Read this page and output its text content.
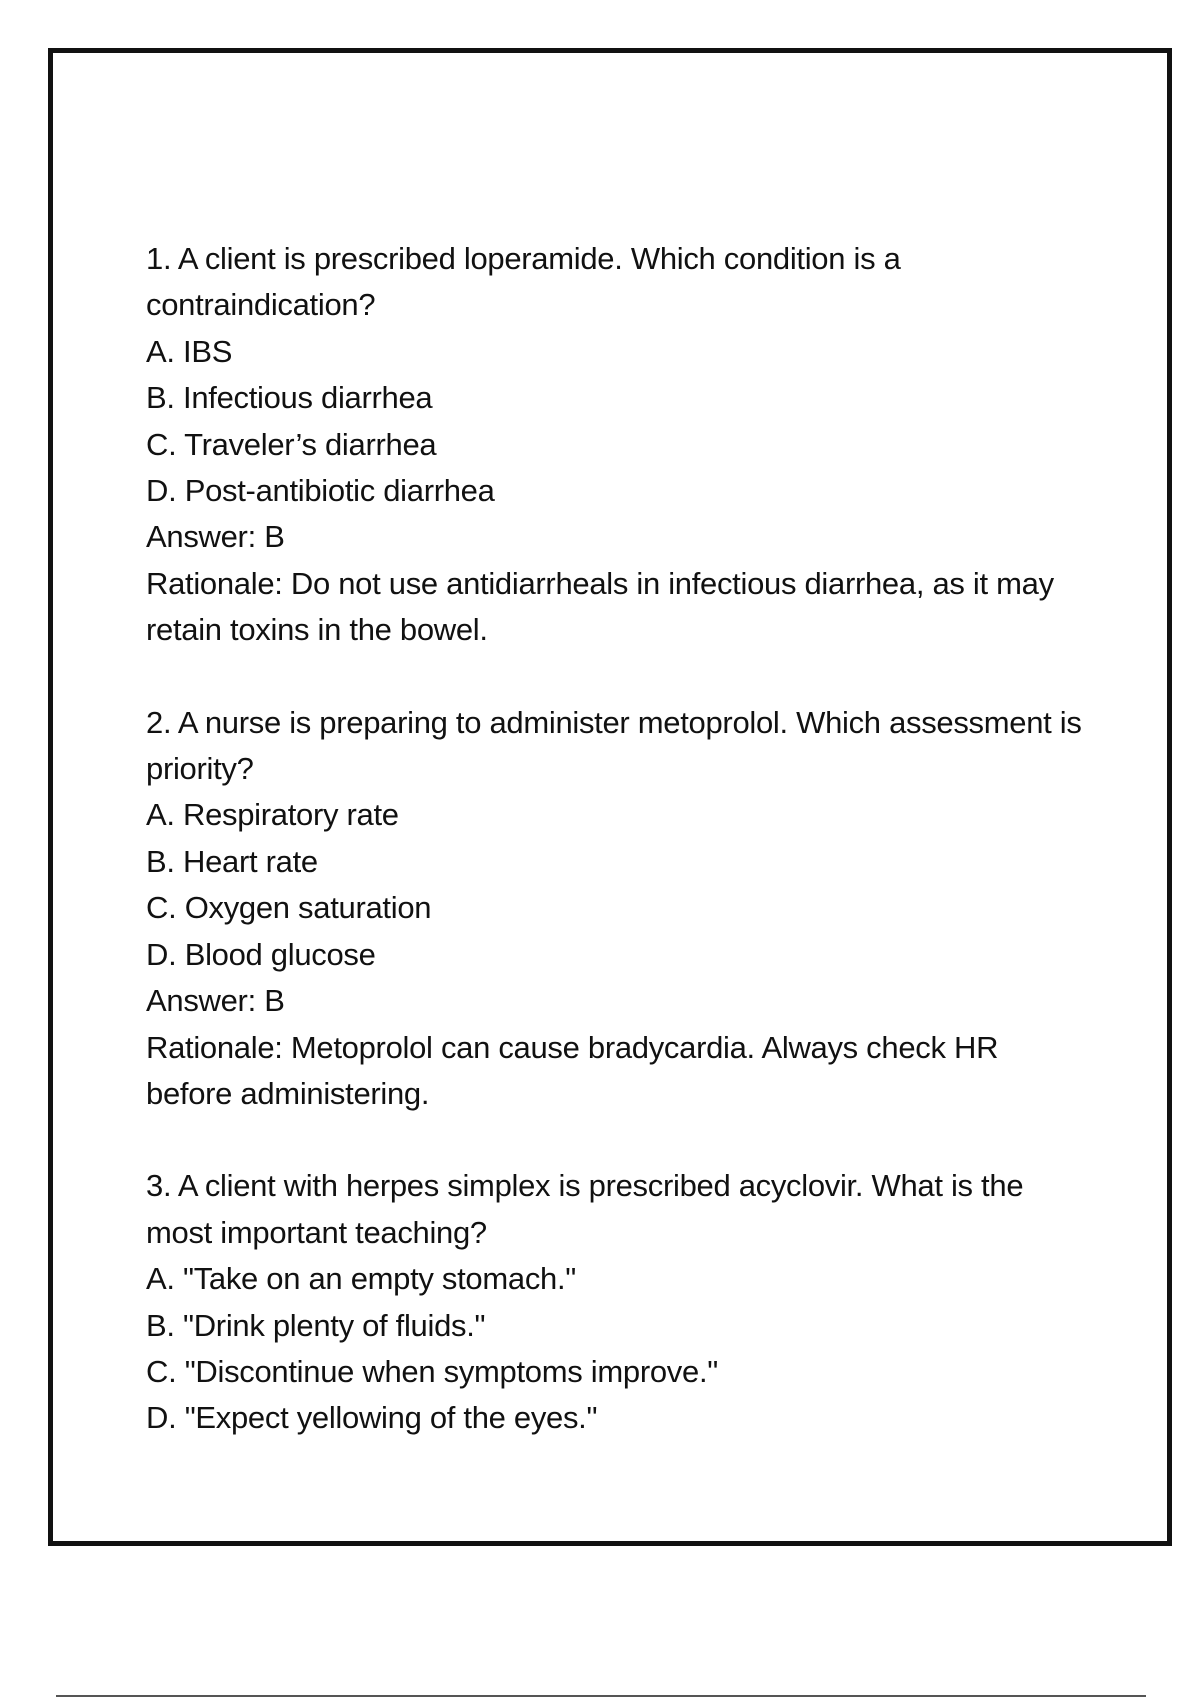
1. A client is prescribed loperamide. Which condition is a contraindication?
A. IBS
B. Infectious diarrhea
C. Traveler’s diarrhea
D. Post-antibiotic diarrhea
Answer: B
Rationale: Do not use antidiarrheals in infectious diarrhea, as it may retain toxins in the bowel.
2. A nurse is preparing to administer metoprolol. Which assessment is priority?
A. Respiratory rate
B. Heart rate
C. Oxygen saturation
D. Blood glucose
Answer: B
Rationale: Metoprolol can cause bradycardia. Always check HR before administering.
3. A client with herpes simplex is prescribed acyclovir. What is the most important teaching?
A. "Take on an empty stomach."
B. "Drink plenty of fluids."
C. "Discontinue when symptoms improve."
D. "Expect yellowing of the eyes."
